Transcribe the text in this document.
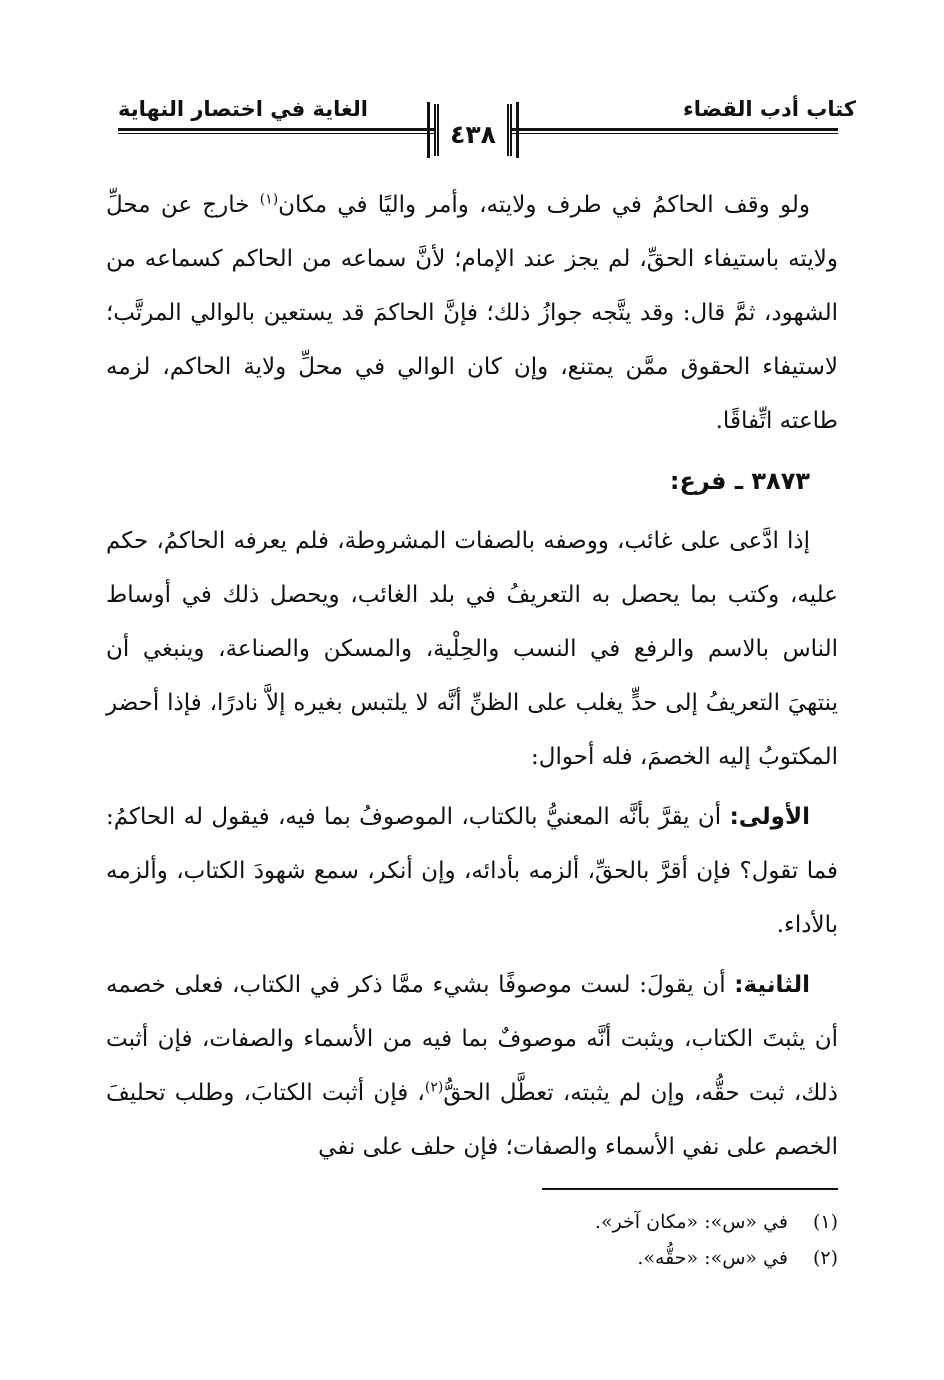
كتاب أدب القضاء
الغاية في اختصار النهاية
٤٣٨

ولو وقف الحاكمُ في طرف ولايته، وأمر واليًا في مكان$^{(١)}$ خارج عن محلِّ ولايته باستيفاء الحقِّ، لم يجز عند الإمام؛ لأنَّ سماعه من الحاكم كسماعه من الشهود، ثمَّ قال: وقد يتَّجه جوازُ ذلك؛ فإنَّ الحاكمَ قد يستعين بالوالي المرتَّب؛ لاستيفاء الحقوق ممَّن يمتنع، وإن كان الوالي في محلِّ ولاية الحاكم، لزمه طاعته اتِّفاقًا.

٣٨٧٣ ـ فرع:

إذا ادَّعى على غائب، ووصفه بالصفات المشروطة، فلم يعرفه الحاكمُ، حكم عليه، وكتب بما يحصل به التعريفُ في بلد الغائب، ويحصل ذلك في أوساط الناس بالاسم والرفع في النسب والحِلْية، والمسكن والصناعة، وينبغي أن ينتهيَ التعريفُ إلى حدٍّ يغلب على الظنِّ أنَّه لا يلتبس بغيره إلاَّ نادرًا، فإذا أحضر المكتوبُ إليه الخصمَ، فله أحوال:

الأولى: أن يقرَّ بأنَّه المعنيُّ بالكتاب، الموصوفُ بما فيه، فيقول له الحاكمُ: فما تقول؟ فإن أقرَّ بالحقِّ، ألزمه بأدائه، وإن أنكر، سمع شهودَ الكتاب، وألزمه بالأداء.

الثانية: أن يقولَ: لست موصوفًا بشيء ممَّا ذكر في الكتاب، فعلى خصمه أن يثبتَ الكتاب، ويثبت أنَّه موصوفٌ بما فيه من الأسماء والصفات، فإن أثبت ذلك، ثبت حقُّه، وإن لم يثبته، تعطَّل الحقُّ$^{(٢)}$، فإن أثبت الكتابَ، وطلب تحليفَ الخصم على نفي الأسماء والصفات؛ فإن حلف على نفي

(١)
في «س»: «مكان آخر».
(٢)
في «س»: «حقُّه».
